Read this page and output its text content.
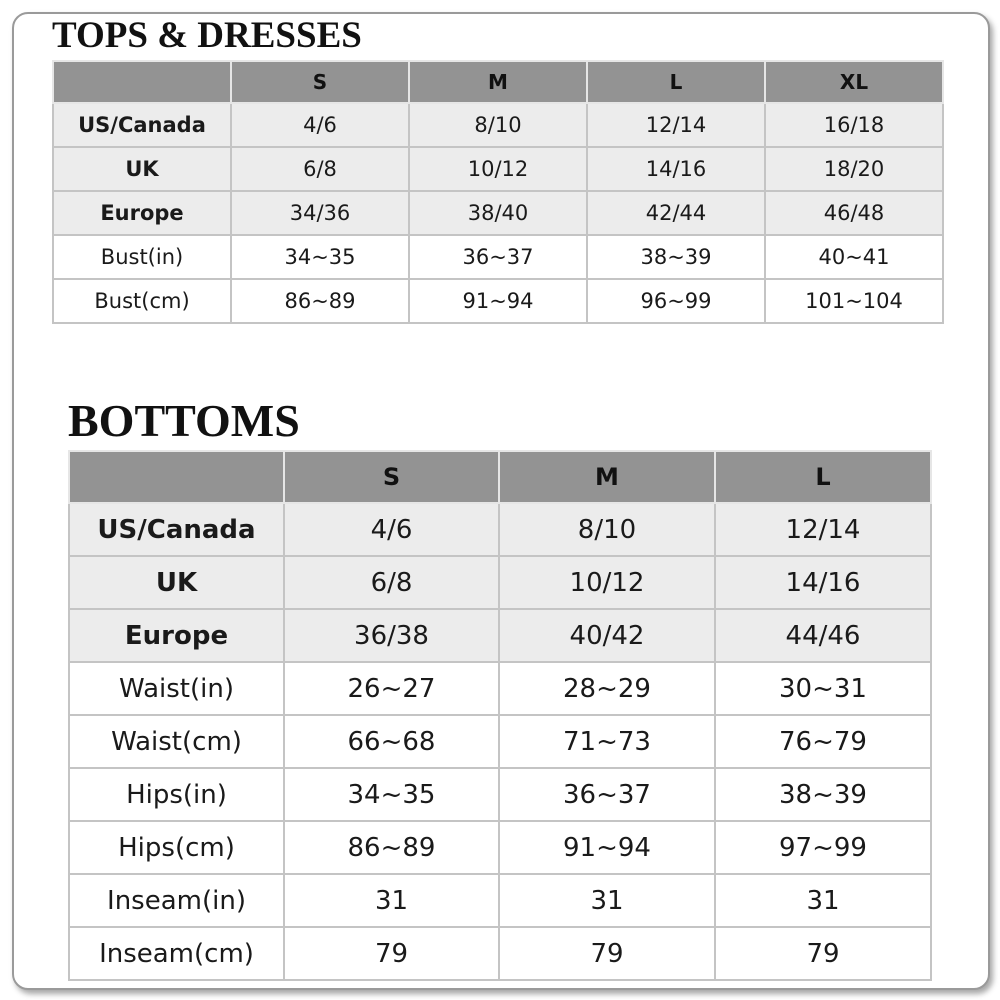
TOPS & DRESSES
	S	M	L	XL
US/Canada	4/6	8/10	12/14	16/18
UK	6/8	10/12	14/16	18/20
Europe	34/36	38/40	42/44	46/48
Bust(in)	34~35	36~37	38~39	40~41
Bust(cm)	86~89	91~94	96~99	101~104
BOTTOMS
	S	M	L
US/Canada	4/6	8/10	12/14
UK	6/8	10/12	14/16
Europe	36/38	40/42	44/46
Waist(in)	26~27	28~29	30~31
Waist(cm)	66~68	71~73	76~79
Hips(in)	34~35	36~37	38~39
Hips(cm)	86~89	91~94	97~99
Inseam(in)	31	31	31
Inseam(cm)	79	79	79
